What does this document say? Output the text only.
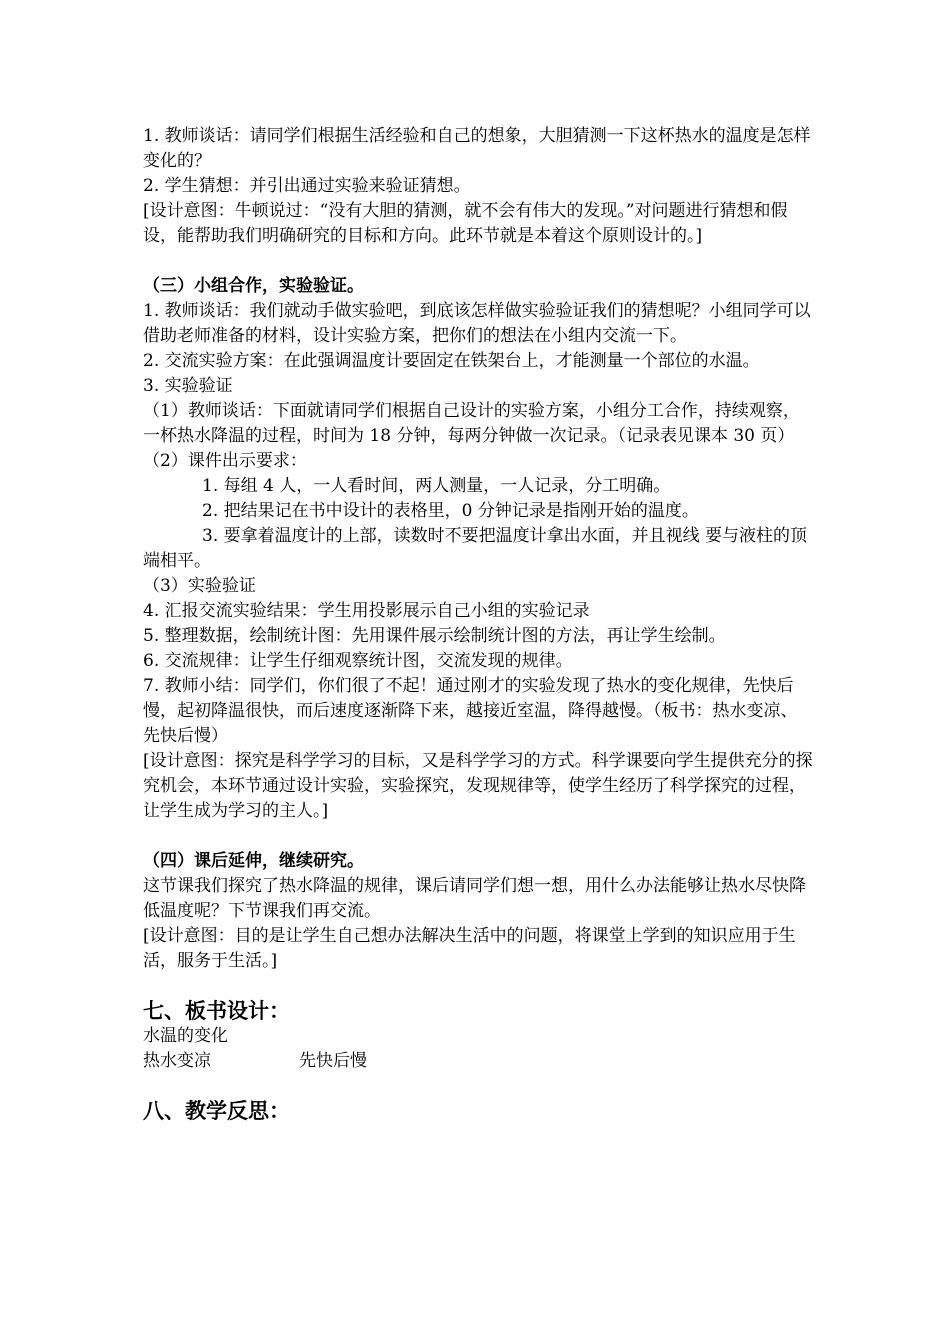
1. 教师谈话：请同学们根据生活经验和自己的想象，大胆猜测一下这杯热水的温度是怎样变化的？

2. 学生猜想：并引出通过实验来验证猜想。

[设计意图：牛顿说过：“没有大胆的猜测，就不会有伟大的发现。”对问题进行猜想和假设，能帮助我们明确研究的目标和方向。此环节就是本着这个原则设计的。]

（三）小组合作，实验验证。

1. 教师谈话：我们就动手做实验吧，到底该怎样做实验验证我们的猜想呢？小组同学可以借助老师准备的材料，设计实验方案，把你们的想法在小组内交流一下。

2. 交流实验方案：在此强调温度计要固定在铁架台上，才能测量一个部位的水温。

3. 实验验证

（1）教师谈话：下面就请同学们根据自己设计的实验方案，小组分工合作，持续观察，一杯热水降温的过程，时间为 18 分钟，每两分钟做一次记录。（记录表见课本 30 页）

（2）课件出示要求：

1. 每组 4 人，一人看时间，两人测量，一人记录，分工明确。

2. 把结果记在书中设计的表格里，0 分钟记录是指刚开始的温度。

3. 要拿着温度计的上部，读数时不要把温度计拿出水面，并且视线 要与液柱的顶端相平。

（3）实验验证

4. 汇报交流实验结果：学生用投影展示自己小组的实验记录

5. 整理数据，绘制统计图：先用课件展示绘制统计图的方法，再让学生绘制。

6. 交流规律：让学生仔细观察统计图，交流发现的规律。

7. 教师小结：同学们，你们很了不起！通过刚才的实验发现了热水的变化规律，先快后慢，起初降温很快，而后速度逐渐降下来，越接近室温，降得越慢。（板书：热水变凉、先快后慢）

[设计意图：探究是科学学习的目标，又是科学学习的方式。科学课要向学生提供充分的探究机会，本环节通过设计实验，实验探究，发现规律等，使学生经历了科学探究的过程，让学生成为学习的主人。]

（四）课后延伸，继续研究。

这节课我们探究了热水降温的规律，课后请同学们想一想，用什么办法能够让热水尽快降低温度呢？下节课我们再交流。

[设计意图：目的是让学生自己想办法解决生活中的问题，将课堂上学到的知识应用于生活，服务于生活。]

七、板书设计：

水温的变化

热水变凉	先快后慢

八、教学反思：
